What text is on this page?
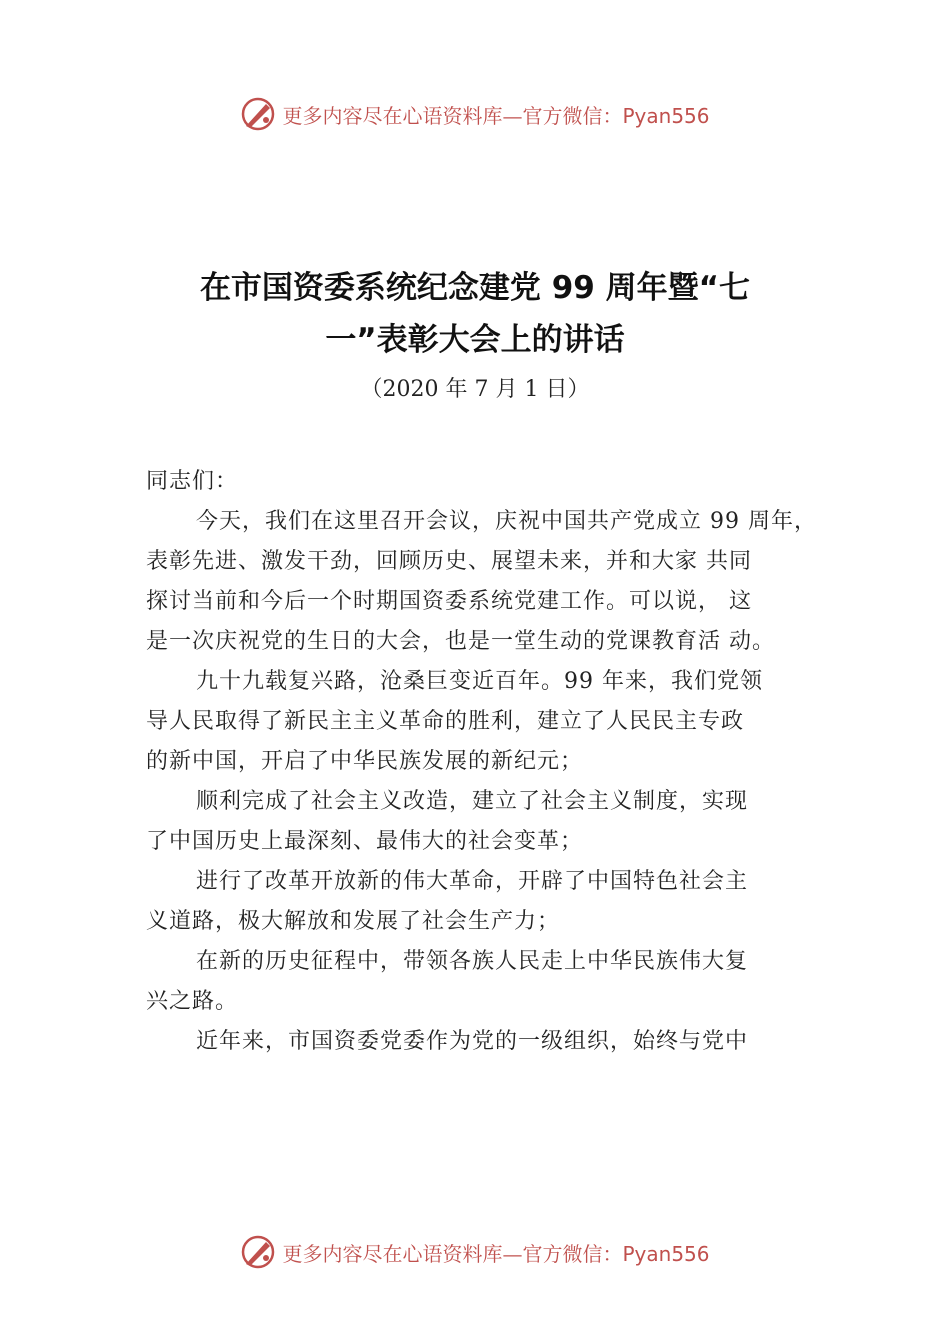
更多内容尽在心语资料库—官方微信：Pyan556
在市国资委系统纪念建党 99 周年暨“七
一”表彰大会上的讲话
（2020 年 7 月 1 日）
同志们：
今天，我们在这里召开会议，庆祝中国共产党成立 99 周年，
表彰先进、激发干劲，回顾历史、展望未来，并和大家 共同
探讨当前和今后一个时期国资委系统党建工作。可以说， 这
是一次庆祝党的生日的大会，也是一堂生动的党课教育活 动。
九十九载复兴路，沧桑巨变近百年。99 年来，我们党领
导人民取得了新民主主义革命的胜利，建立了人民民主专政
的新中国，开启了中华民族发展的新纪元；
顺利完成了社会主义改造，建立了社会主义制度，实现
了中国历史上最深刻、最伟大的社会变革；
进行了改革开放新的伟大革命，开辟了中国特色社会主
义道路，极大解放和发展了社会生产力；
在新的历史征程中，带领各族人民走上中华民族伟大复
兴之路。
近年来，市国资委党委作为党的一级组织，始终与党中
更多内容尽在心语资料库—官方微信：Pyan556
